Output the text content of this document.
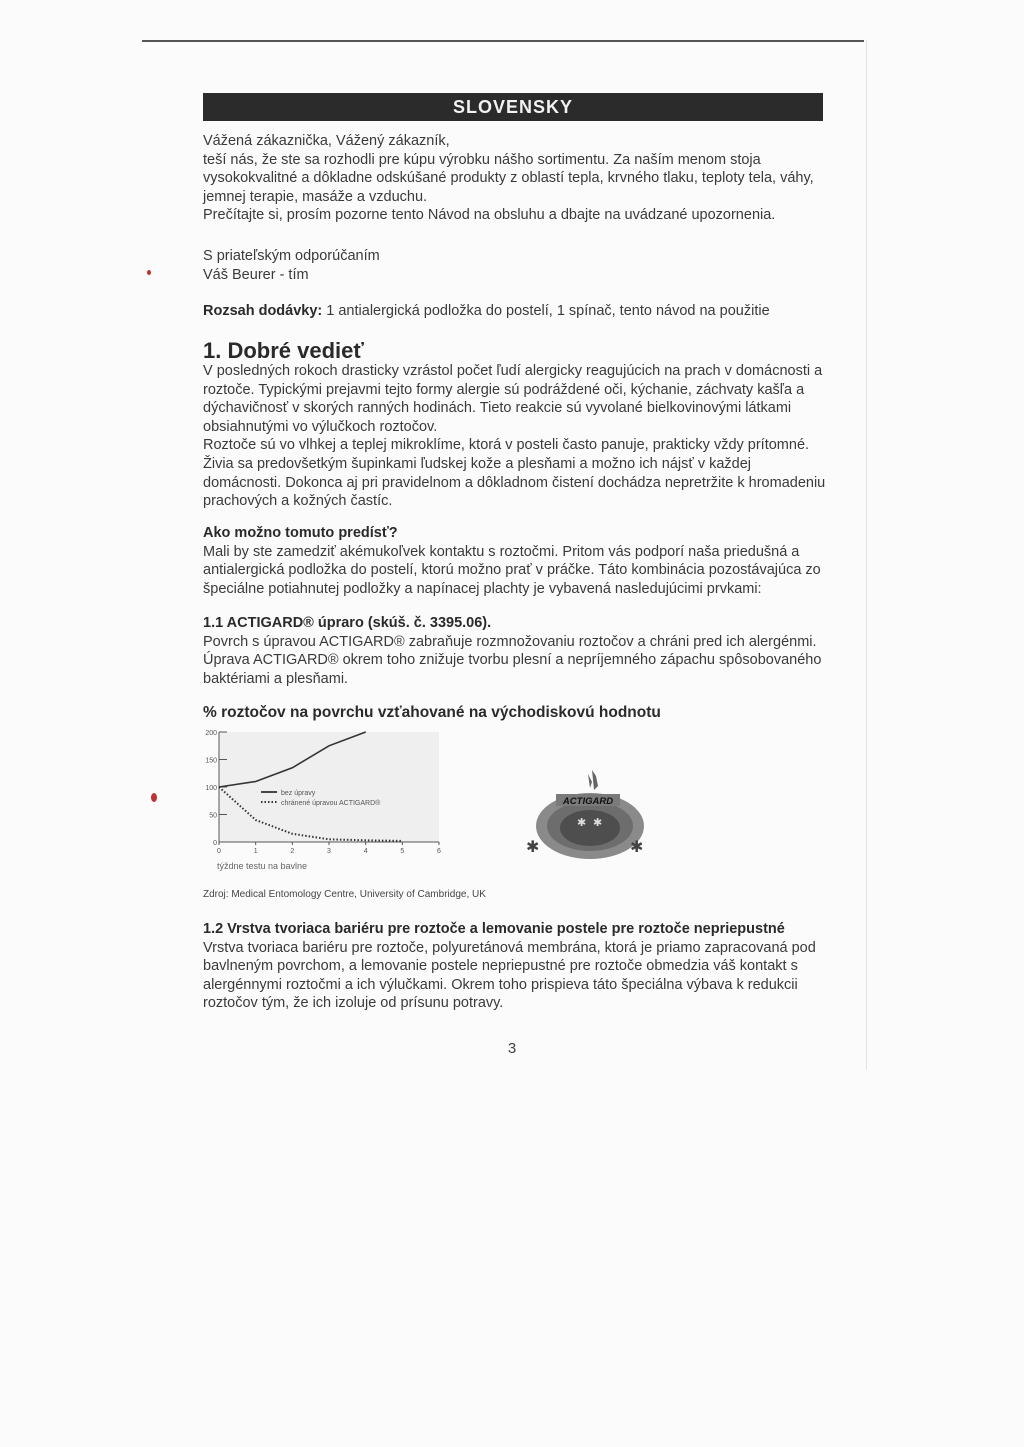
SLOVENSKY

Vážená zákaznička, Vážený zákazník,

teší nás, že ste sa rozhodli pre kúpu výrobku nášho sortimentu. Za naším menom stoja vysokokvalitné a dôkladne odskúšané produkty z oblastí tepla, krvného tlaku, teploty tela, váhy, jemnej terapie, masáže a vzduchu.

Prečítajte si, prosím pozorne tento Návod na obsluhu a dbajte na uvádzané upozornenia.

S priateľským odporúčaním

Váš Beurer - tím

Rozsah dodávky: 1 antialergická podložka do postelí, 1 spínač, tento návod na použitie

1. Dobré vedieť

V posledných rokoch drasticky vzrástol počet ľudí alergicky reagujúcich na prach v domácnosti a roztoče. Typickými prejavmi tejto formy alergie sú podráždené oči, kýchanie, záchvaty kašľa a dýchavičnosť v skorých ranných hodinách. Tieto reakcie sú vyvolané bielkovinovými látkami obsiahnutými vo výlučkoch roztočov.

Roztoče sú vo vlhkej a teplej mikroklíme, ktorá v posteli často panuje, prakticky vždy prítomné. Živia sa predovšetkým šupinkami ľudskej kože a plesňami a možno ich nájsť v každej domácnosti. Dokonca aj pri pravidelnom a dôkladnom čistení dochádza nepretržite k hromadeniu prachových a kožných častíc.

Ako možno tomuto predísť?

Mali by ste zamedziť akémukoľvek kontaktu s roztočmi. Pritom vás podporí naša priedušná a antialergická podložka do postelí, ktorú možno prať v práčke. Táto kombinácia pozostávajúca zo špeciálne potiahnutej podložky a napínacej plachty je vybavená nasledujúcimi prvkami:

1.1 ACTIGARD® úpraro (skúš. č. 3395.06).

Povrch s úpravou ACTIGARD® zabraňuje rozmnožovaniu roztočov a chráni pred ich alergénmi. Úprava ACTIGARD® okrem toho znižuje tvorbu plesní a nepríjemného zápachu spôsobovaného baktériami a plesňami.

% roztočov na povrchu vzťahované na východiskovú hodnotu
0
50
100
150
200
0	1	2	3	4	5	6
bez úpravy
chránené úpravou ACTIGARD®
týždne testu na bavlne
ACTIGARD
✱	✱
✱ ✱
Zdroj: Medical Entomology Centre, University of Cambridge, UK

1.2 Vrstva tvoriaca bariéru pre roztoče a lemovanie postele pre roztoče nepriepustné

Vrstva tvoriaca bariéru pre roztoče, polyuretánová membrána, ktorá je priamo zapracovaná pod bavlneným povrchom, a lemovanie postele nepriepustné pre roztoče obmedzia váš kontakt s alergénnymi roztočmi a ich výlučkami. Okrem toho prispieva táto špeciálna výbava k redukcii roztočov tým, že ich izoluje od prísunu potravy.

3
